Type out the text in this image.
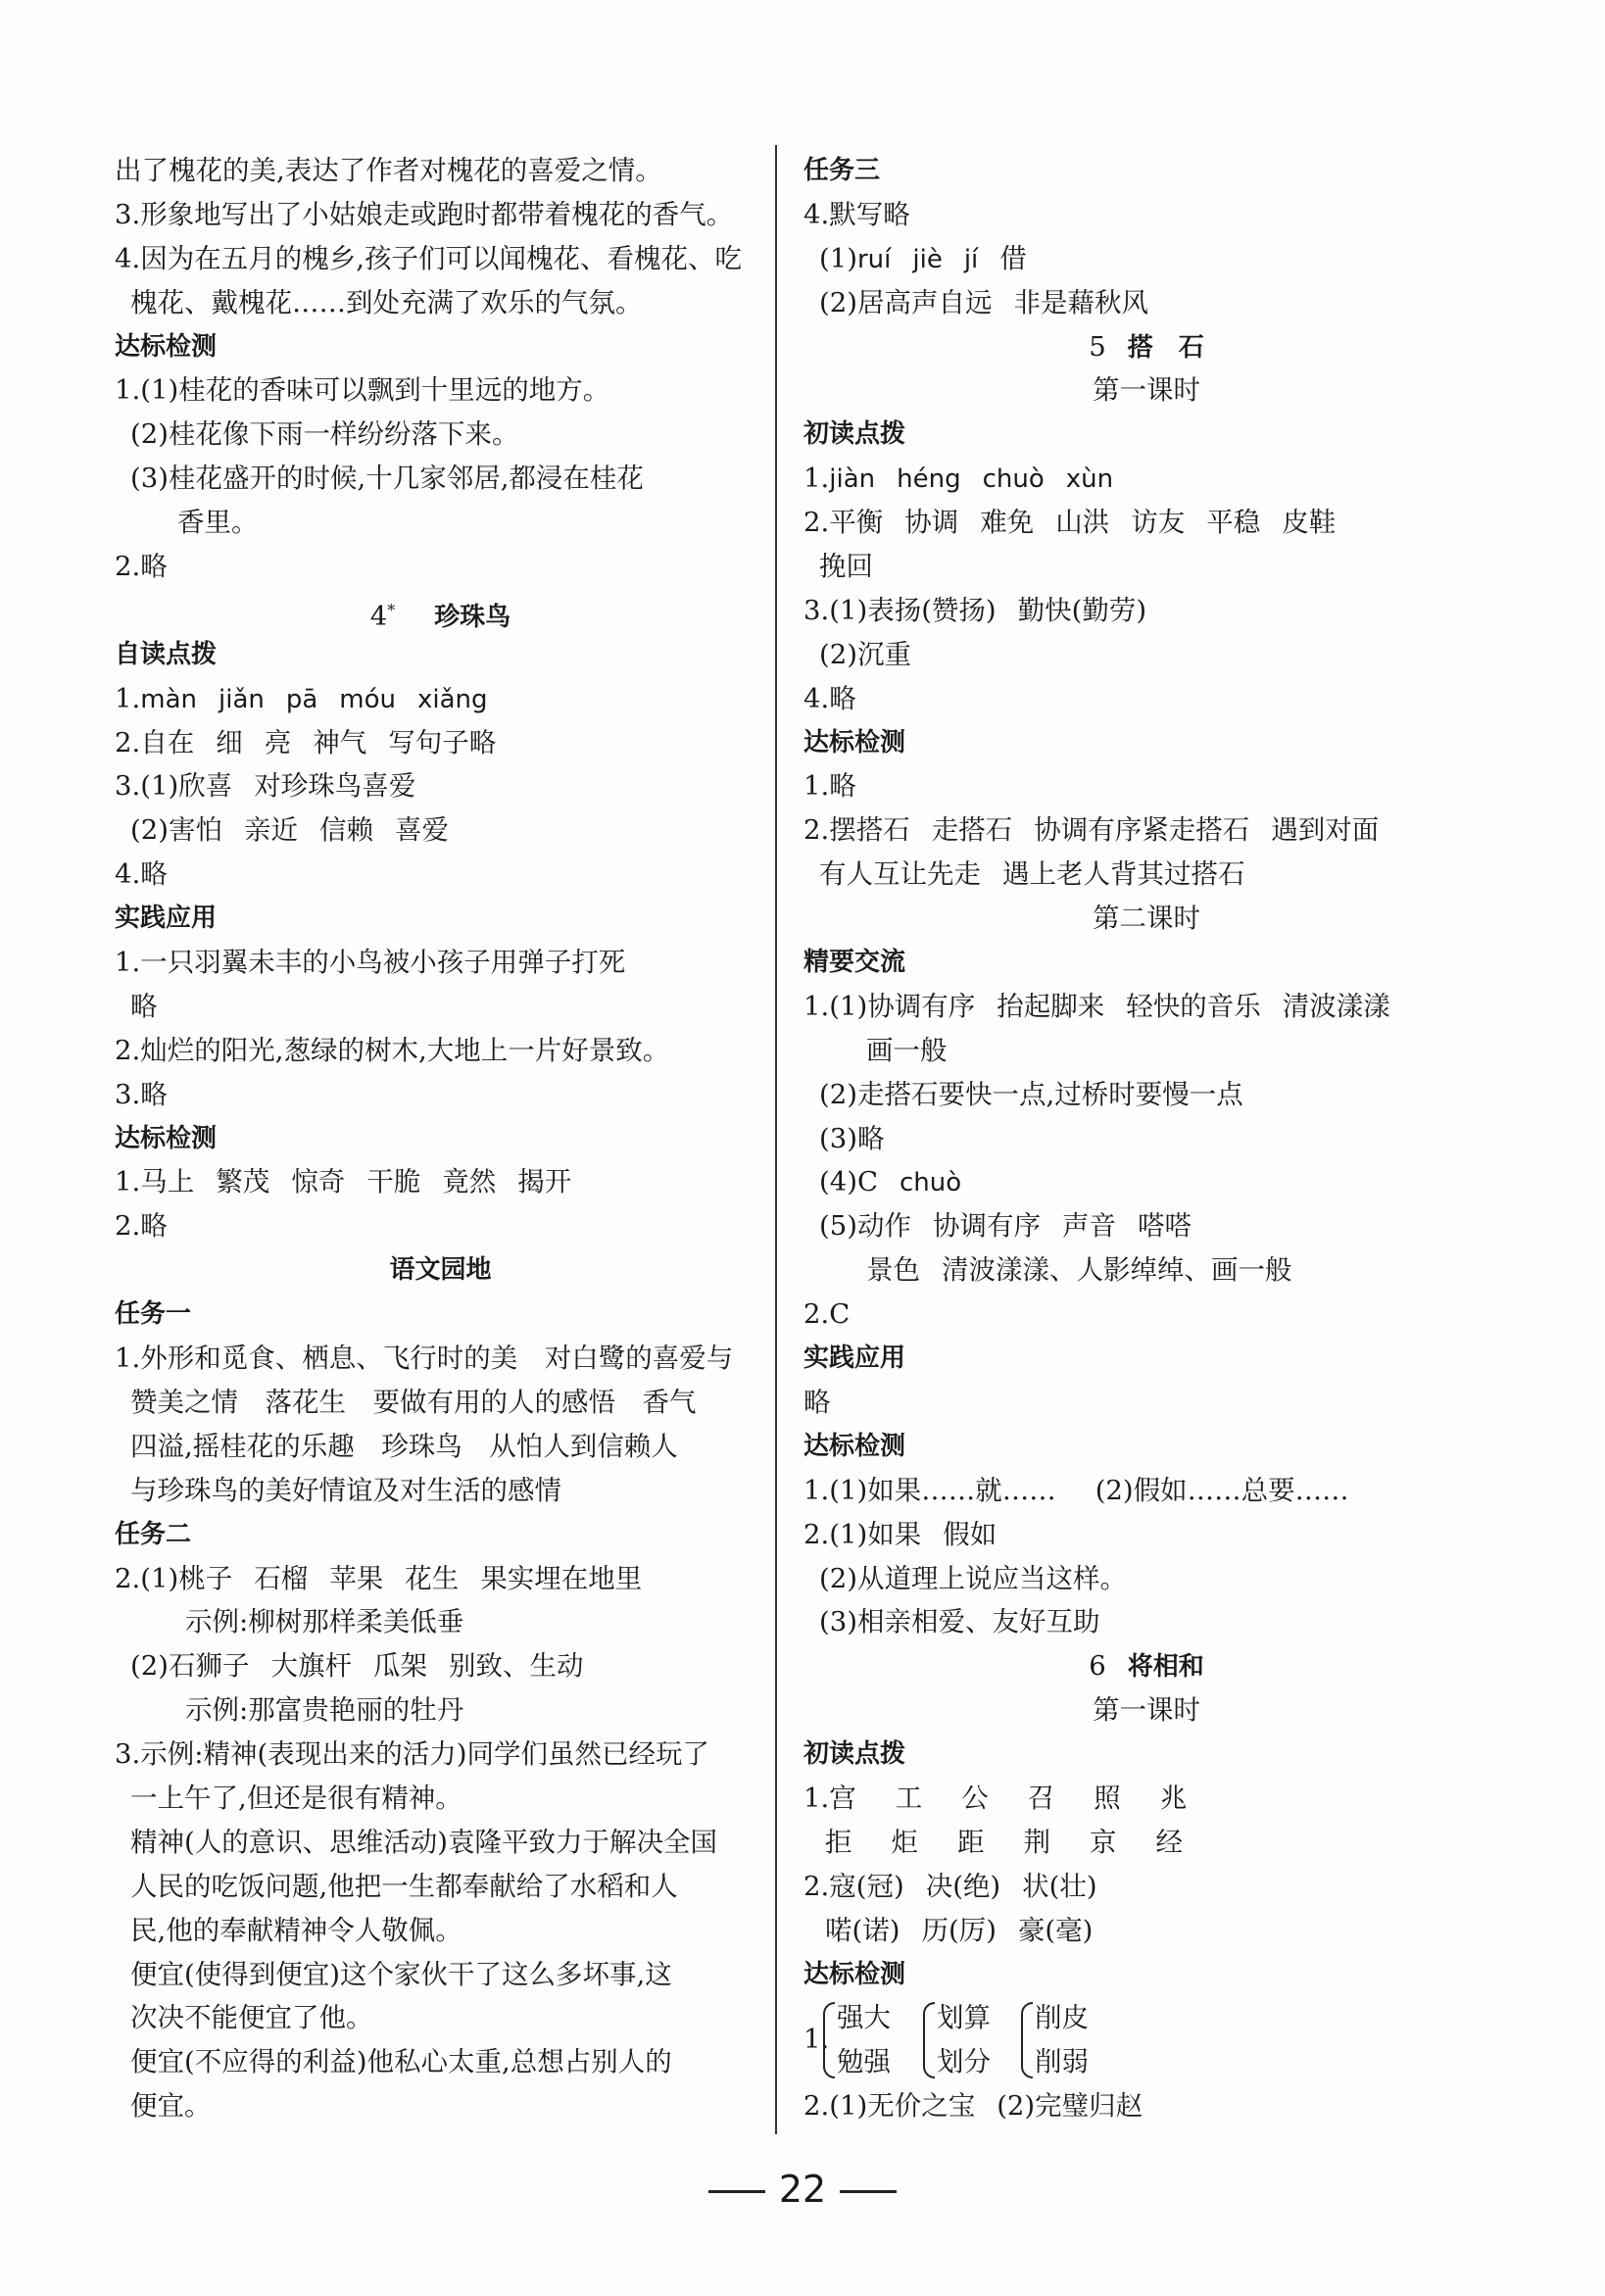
出了槐花的美,表达了作者对槐花的喜爱之情。
3.形象地写出了小姑娘走或跑时都带着槐花的香气。
4.因为在五月的槐乡,孩子们可以闻槐花、看槐花、吃
槐花、戴槐花……到处充满了欢乐的气氛。
达标检测
1.(1)桂花的香味可以飘到十里远的地方。
(2)桂花像下雨一样纷纷落下来。
(3)桂花盛开的时候,十几家邻居,都浸在桂花
香里。
2.略
4* 珍珠鸟
自读点拨
1.màn jiǎn pā móu xiǎng
2.自在 细 亮 神气 写句子略
3.(1)欣喜 对珍珠鸟喜爱
(2)害怕 亲近 信赖 喜爱
4.略
实践应用
1.一只羽翼未丰的小鸟被小孩子用弹子打死
略
2.灿烂的阳光,葱绿的树木,大地上一片好景致。
3.略
达标检测
1.马上 繁茂 惊奇 干脆 竟然 揭开
2.略
语文园地
任务一
1.外形和觅食、栖息、飞行时的美　对白鹭的喜爱与
赞美之情　落花生　要做有用的人的感悟　香气
四溢,摇桂花的乐趣　珍珠鸟　从怕人到信赖人
与珍珠鸟的美好情谊及对生活的感情
任务二
2.(1)桃子 石榴 苹果 花生 果实埋在地里
示例:柳树那样柔美低垂
(2)石狮子 大旗杆 瓜架 别致、生动
示例:那富贵艳丽的牡丹
3.示例:精神(表现出来的活力)同学们虽然已经玩了
一上午了,但还是很有精神。
精神(人的意识、思维活动)袁隆平致力于解决全国
人民的吃饭问题,他把一生都奉献给了水稻和人
民,他的奉献精神令人敬佩。
便宜(使得到便宜)这个家伙干了这么多坏事,这
次决不能便宜了他。
便宜(不应得的利益)他私心太重,总想占别人的
便宜。
任务三
4.默写略
(1)ruí jiè jí 借
(2)居高声自远 非是藉秋风
5 搭　石
第一课时
初读点拨
1.jiàn héng chuò xùn
2.平衡 协调 难免 山洪 访友 平稳 皮鞋
挽回
3.(1)表扬(赞扬) 勤快(勤劳)
(2)沉重
4.略
达标检测
1.略
2.摆搭石 走搭石 协调有序紧走搭石 遇到对面
有人互让先走 遇上老人背其过搭石
第二课时
精要交流
1.(1)协调有序 抬起脚来 轻快的音乐 清波漾漾
画一般
(2)走搭石要快一点,过桥时要慢一点
(3)略
(4)C chuò
(5)动作 协调有序 声音 嗒嗒
景色 清波漾漾、人影绰绰、画一般
2.C
实践应用
略
达标检测
1.(1)如果……就…… (2)假如……总要……
2.(1)如果 假如
(2)从道理上说应当这样。
(3)相亲相爱、友好互助
6 将相和
第一课时
初读点拨
1.宫 工 公 召 照 兆
拒 炬 距 荆 京 经
2.寇(冠) 决(绝) 状(壮)
喏(诺) 历(厉) 豪(毫)
达标检测
1.
强大
勉强
划算
划分
削皮
削弱
2.(1)无价之宝 (2)完璧归赵
22
